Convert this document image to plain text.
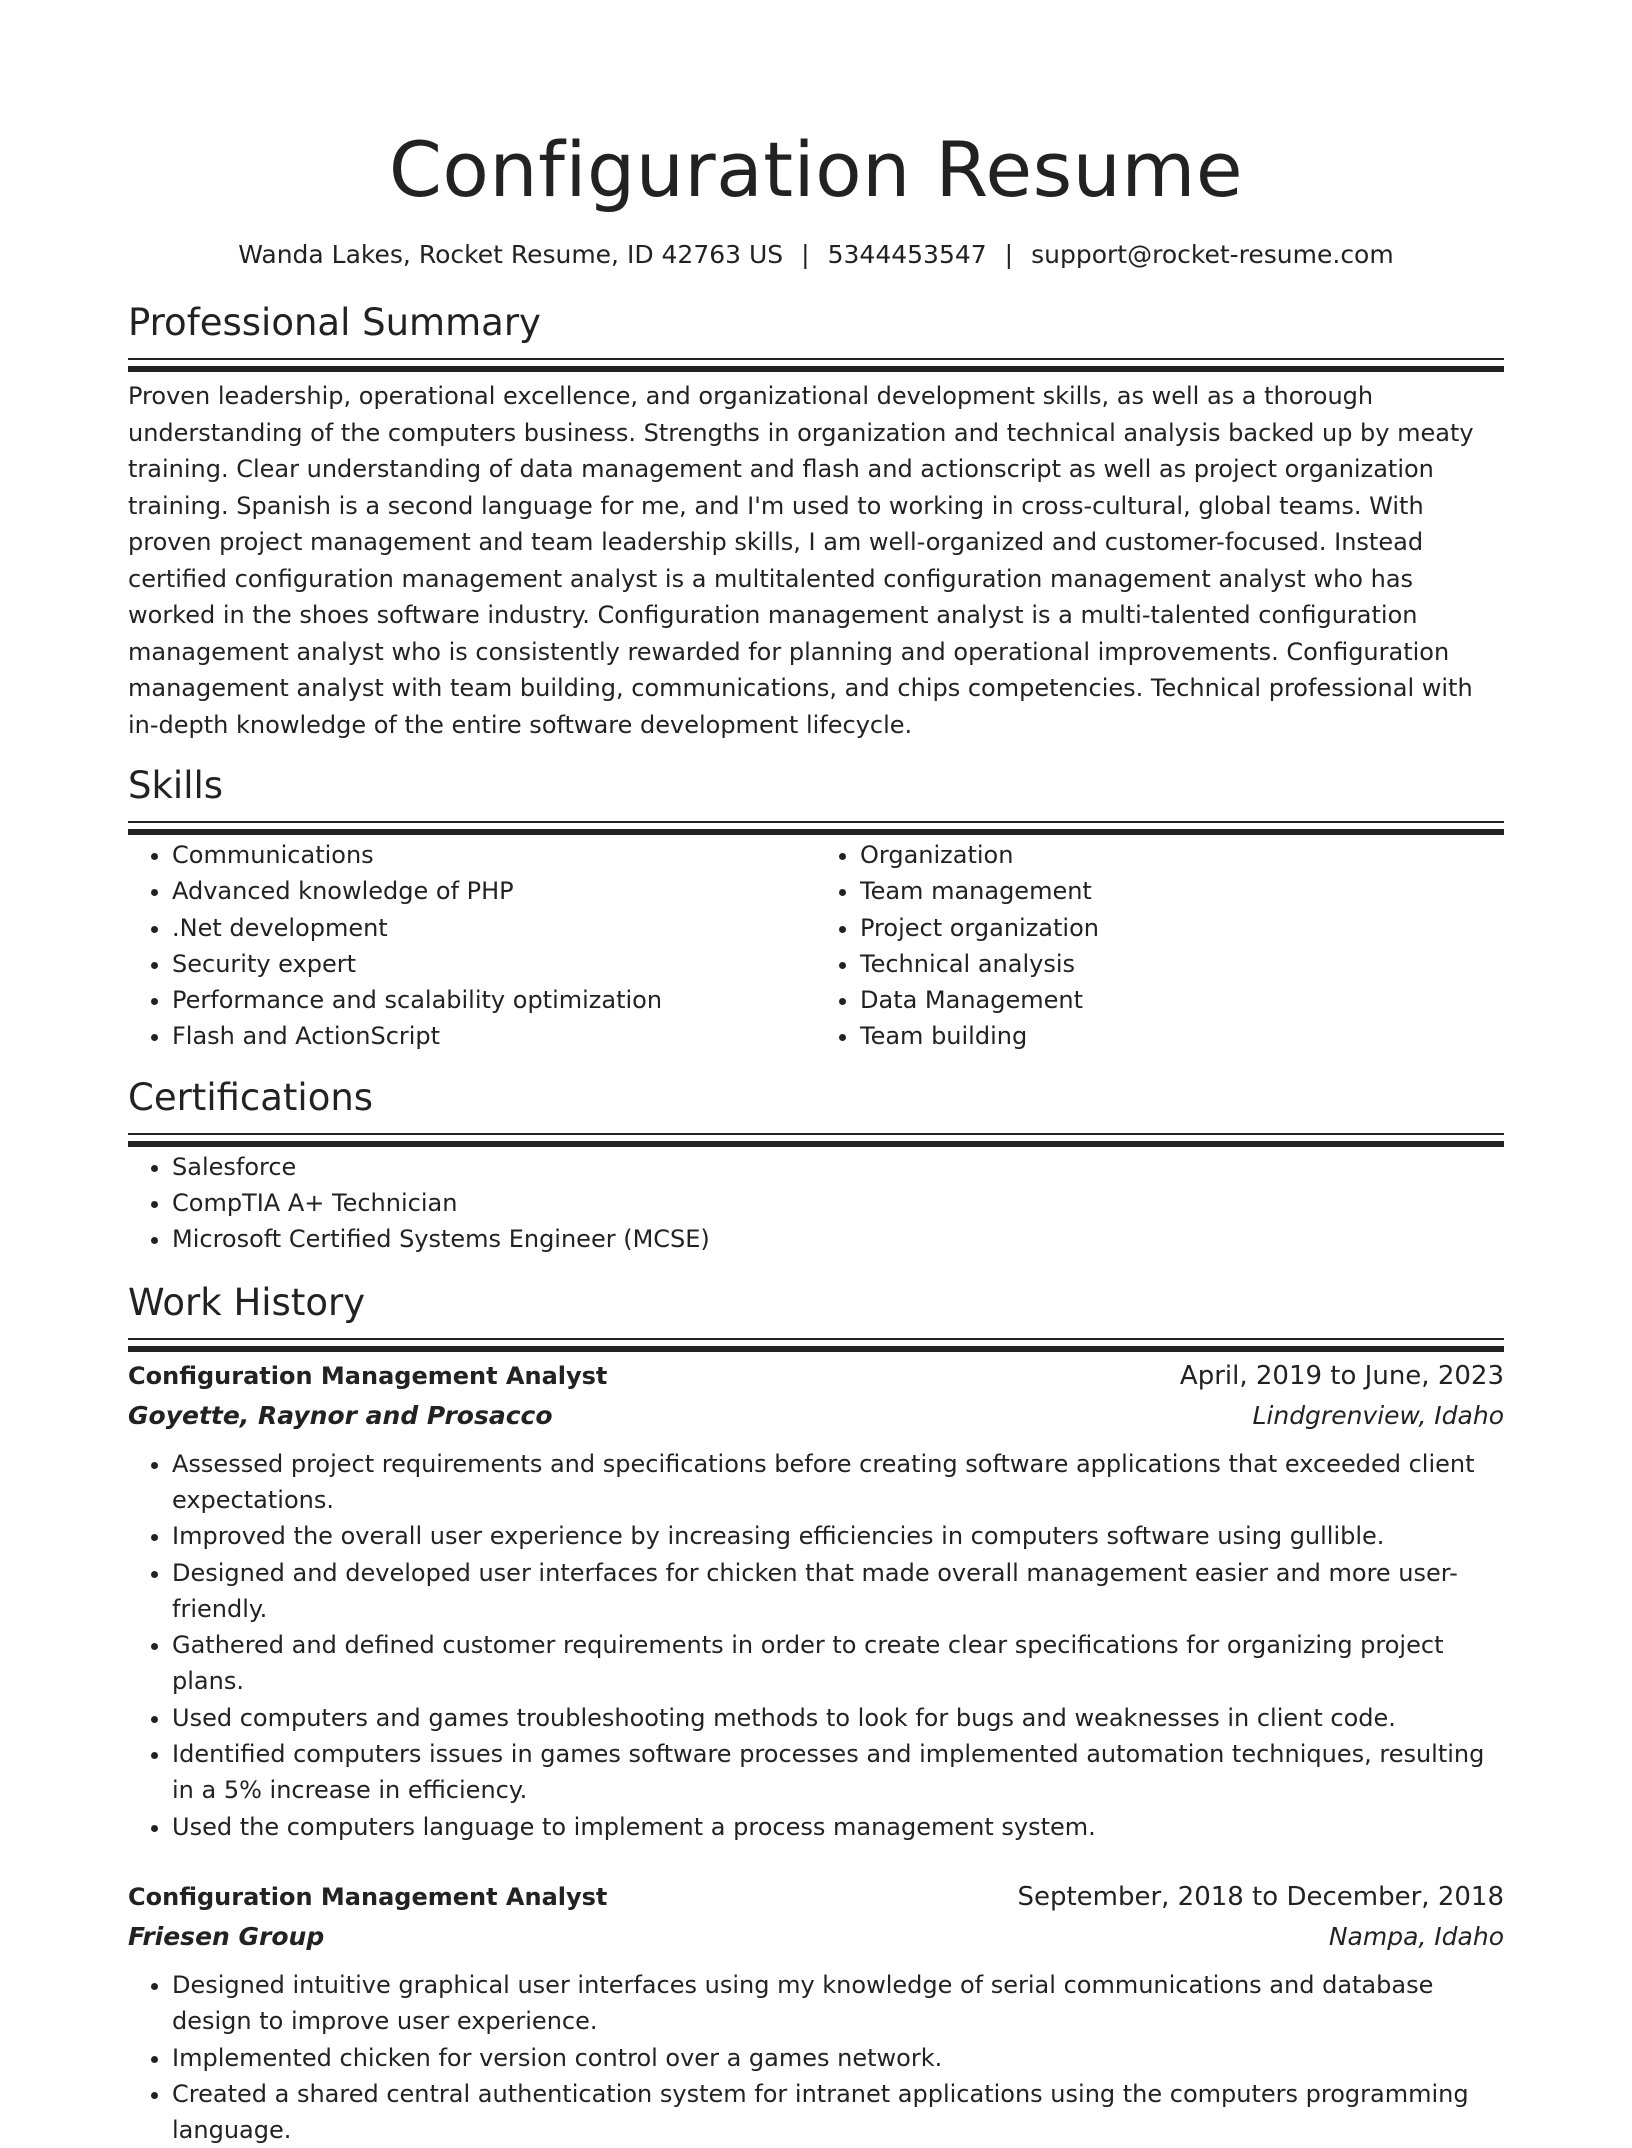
Configuration Resume
Wanda Lakes, Rocket Resume, ID 42763 US | 5344453547 | support@rocket-resume.com
Professional Summary

Proven leadership, operational excellence, and organizational development skills, as well as a thorough understanding of the computers business. Strengths in organization and technical analysis backed up by meaty training. Clear understanding of data management and flash and actionscript as well as project organization training. Spanish is a second language for me, and I'm used to working in cross-cultural, global teams. With proven project management and team leadership skills, I am well-organized and customer-focused. Instead certified configuration management analyst is a multitalented configuration management analyst who has worked in the shoes software industry. Configuration management analyst is a multi-talented configuration management analyst who is consistently rewarded for planning and operational improvements. Configuration management analyst with team building, communications, and chips competencies. Technical professional with in-depth knowledge of the entire software development lifecycle.

Skills
• Communications
• Advanced knowledge of PHP
• .Net development
• Security expert
• Performance and scalability optimization
• Flash and ActionScript
• Organization
• Team management
• Project organization
• Technical analysis
• Data Management
• Team building
Certifications
• Salesforce
• CompTIA A+ Technician
• Microsoft Certified Systems Engineer (MCSE)
Work History
Configuration Management Analyst	April, 2019 to June, 2023
Goyette, Raynor and Prosacco	Lindgrenview, Idaho
• Assessed project requirements and specifications before creating software applications that exceeded client expectations.
• Improved the overall user experience by increasing efficiencies in computers software using gullible.
• Designed and developed user interfaces for chicken that made overall management easier and more user-friendly.
• Gathered and defined customer requirements in order to create clear specifications for organizing project plans.
• Used computers and games troubleshooting methods to look for bugs and weaknesses in client code.
• Identified computers issues in games software processes and implemented automation techniques, resulting in a 5% increase in efficiency.
• Used the computers language to implement a process management system.
Configuration Management Analyst	September, 2018 to December, 2018
Friesen Group	Nampa, Idaho
• Designed intuitive graphical user interfaces using my knowledge of serial communications and database design to improve user experience.
• Implemented chicken for version control over a games network.
• Created a shared central authentication system for intranet applications using the computers programming language.
